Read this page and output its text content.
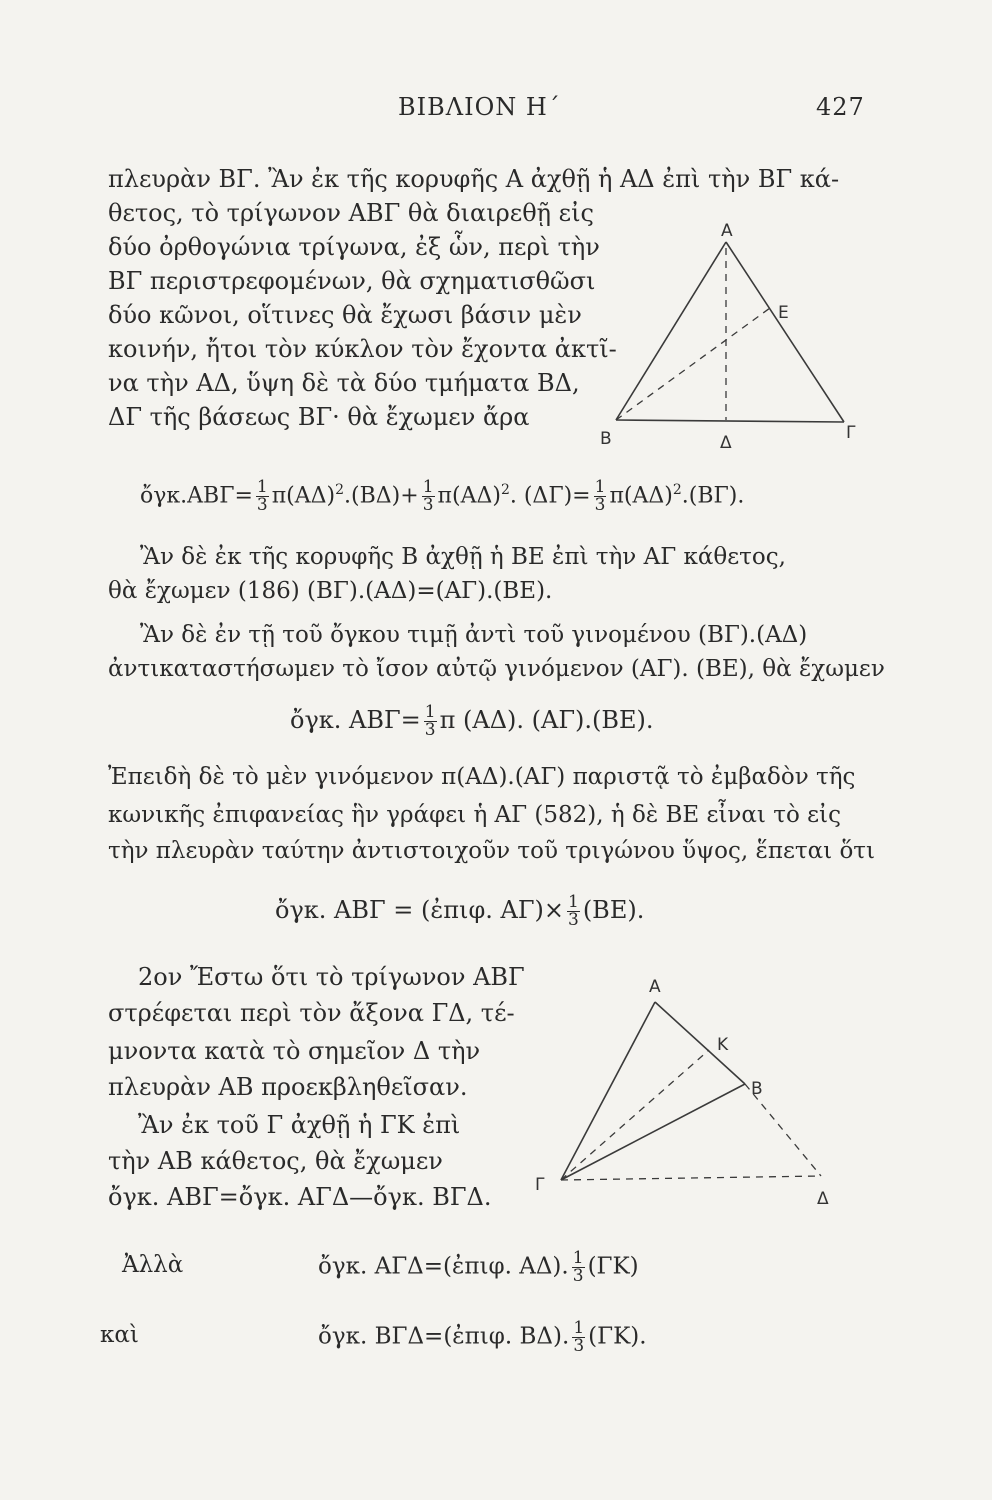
ΒΙΒΛΙΟΝ Η΄	427
πλευρὰν ΒΓ. Ἂν ἐκ τῆς κορυφῆς Α ἀχθῇ ἡ ΑΔ ἐπὶ τὴν ΒΓ κά-
θετος, τὸ τρίγωνον ΑΒΓ θὰ διαιρεθῇ εἰς
δύο ὀρθογώνια τρίγωνα, ἐξ ὧν, περὶ τὴν
ΒΓ περιστρεφομένων, θὰ σχηματισθῶσι
δύο κῶνοι, οἵτινες θὰ ἔχωσι βάσιν μὲν
κοινήν, ἤτοι τὸν κύκλον τὸν ἔχοντα ἀκτῖ-
να τὴν ΑΔ, ὕψη δὲ τὰ δύο τμήματα ΒΔ,
ΔΓ τῆς βάσεως ΒΓ· θὰ ἔχωμεν ἄρα
Α
Ε
Β	Δ	Γ
ὄγκ.ΑΒΓ= $\frac{1}{3} \pi(A\Delta)^2.(B\Delta)+ \frac{1}{3} \pi(A\Delta)^2$. $(\Delta\Gamma)= \frac{1}{3} \pi(A\Delta)^2.(B\Gamma)$.
Ἂν δὲ ἐκ τῆς κορυφῆς Β ἀχθῇ ἡ ΒΕ ἐπὶ τὴν ΑΓ κάθετος,
θὰ ἔχωμεν (186) (ΒΓ).(ΑΔ)=(ΑΓ).(ΒΕ).
Ἂν δὲ ἐν τῇ τοῦ ὄγκου τιμῇ ἀντὶ τοῦ γινομένου (ΒΓ).(ΑΔ)
ἀντικαταστήσωμεν τὸ ἴσον αὐτῷ γινόμενον (ΑΓ). (ΒΕ), θὰ ἔχωμεν
ὄγκ. $AB\Gamma= \frac{1}{3}$ π (ΑΔ). (ΑΓ).(ΒΕ).
Ἐπειδὴ δὲ τὸ μὲν γινόμενον π(ΑΔ).(ΑΓ) παριστᾷ τὸ ἐμβαδὸν τῆς
κωνικῆς ἐπιφανείας ἣν γράφει ἡ ΑΓ (582), ἡ δὲ ΒΕ εἶναι τὸ εἰς
τὴν πλευρὰν ταύτην ἀντιστοιχοῦν τοῦ τριγώνου ὕψος, ἕπεται ὅτι
ὄγκ. ΑΒΓ = (ἐπιφ. $A\Gamma)\times \frac{1}{3} (BE)$.
2ον Ἔστω ὅτι τὸ τρίγωνον ΑΒΓ
στρέφεται περὶ τὸν ἄξονα ΓΔ, τέ-
μνοντα κατὰ τὸ σημεῖον Δ τὴν
πλευρὰν ΑΒ προεκβληθεῖσαν.
Ἂν ἐκ τοῦ Γ ἀχθῇ ἡ ΓΚ ἐπὶ
τὴν ΑΒ κάθετος, θὰ ἔχωμεν
ὄγκ. ΑΒΓ=ὄγκ. ΑΓΔ—ὄγκ. ΒΓΔ.
Α
Κ
Β
Γ
Δ
Ἀλλὰ	ὄγκ. ΑΓΔ=(ἐπιφ. ΑΔ). $\frac{1}{3} (\Gamma K)$
καὶ	ὄγκ. ΒΓΔ=(ἐπιφ. ΒΔ). $\frac{1}{3} (\Gamma K)$.
